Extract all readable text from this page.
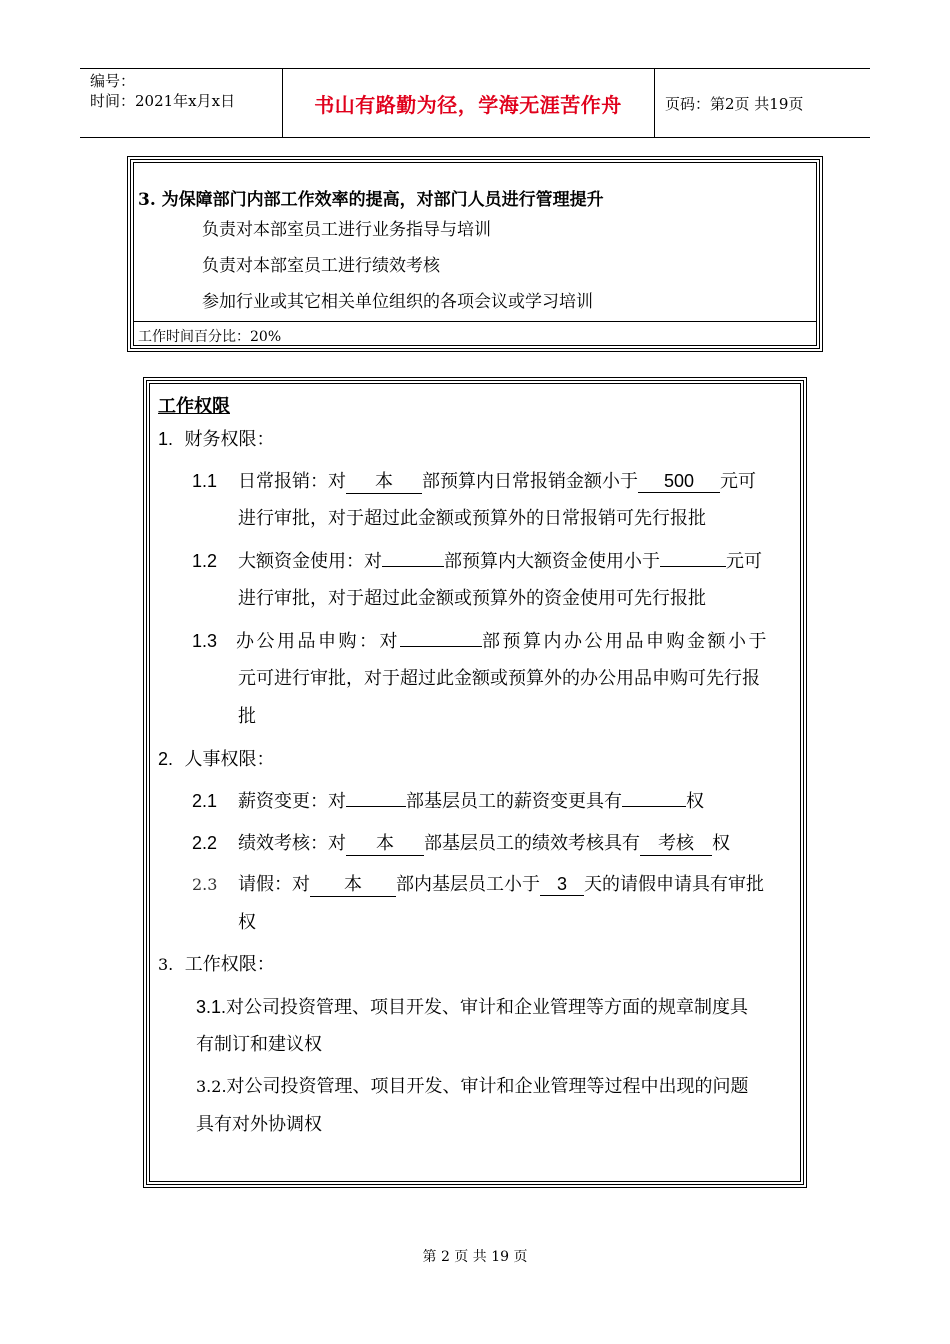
编号：
时间：2021年x月x日	书山有路勤为径，学海无涯苦作舟	页码：第2页 共19页
3. 为保障部门内部工作效率的提高，对部门人员进行管理提升
负责对本部室员工进行业务指导与培训
负责对本部室员工进行绩效考核
参加行业或其它相关单位组织的各项会议或学习培训
工作时间百分比：20%
工作权限
1. 财务权限：
1.1 日常报销：对 本 部预算内日常报销金额小于 500 元可
进行审批，对于超过此金额或预算外的日常报销可先行报批
1.2 大额资金使用：对	部预算内大额资金使用小于	元可
进行审批，对于超过此金额或预算外的资金使用可先行报批
1.3 办公用品申购：对	部预算内办公用品申购金额小于
元可进行审批，对于超过此金额或预算外的办公用品申购可先行报
批
2. 人事权限：
2.1 薪资变更：对	部基层员工的薪资变更具有	权
2.2 绩效考核：对 本 部基层员工的绩效考核具有 考核 权
2.3 请假：对 本 部内基层员工小于 3 天的请假申请具有审批
权
3. 工作权限：
3.1.对公司投资管理、项目开发、审计和企业管理等方面的规章制度具
有制订和建议权
3.2.对公司投资管理、项目开发、审计和企业管理等过程中出现的问题
具有对外协调权
第 2 页 共 19 页
